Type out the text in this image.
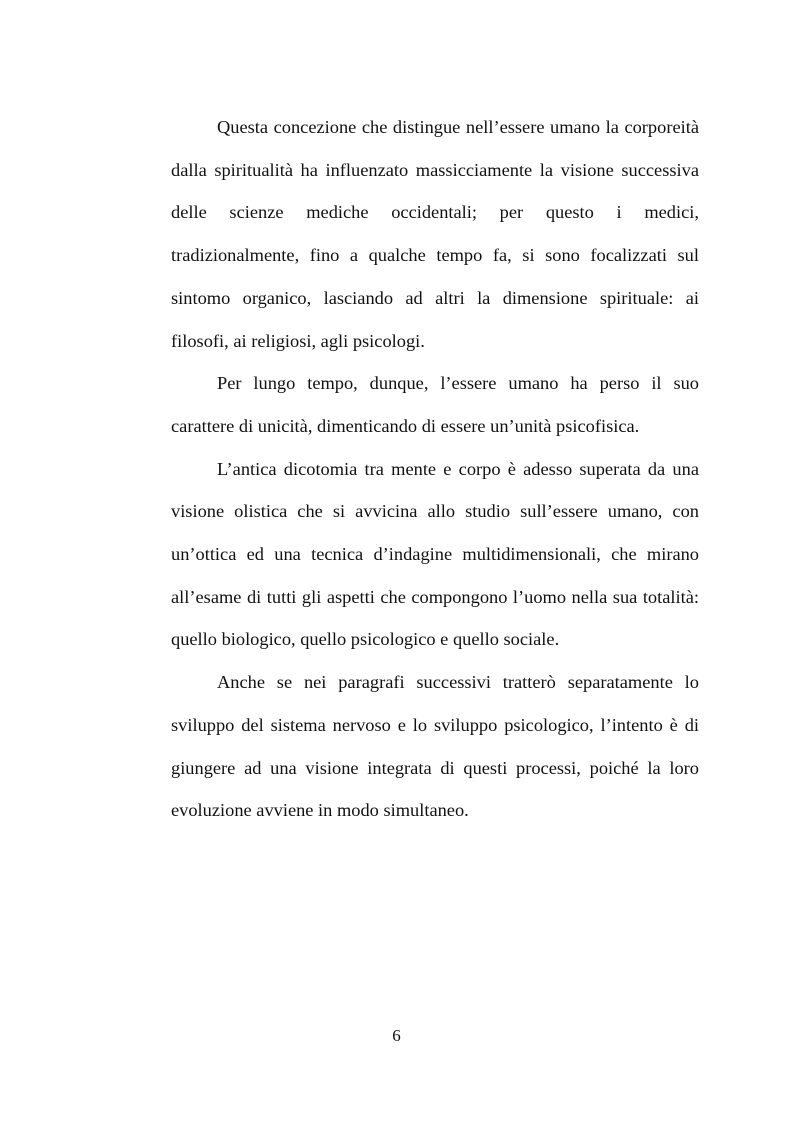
Questa concezione che distingue nell’essere umano la corporeità dalla spiritualità ha influenzato massicciamente la visione successiva delle scienze mediche occidentali; per questo i medici, tradizionalmente, fino a qualche tempo fa, si sono focalizzati sul sintomo organico, lasciando ad altri la dimensione spirituale: ai filosofi, ai religiosi, agli psicologi.

Per lungo tempo, dunque, l’essere umano ha perso il suo carattere di unicità, dimenticando di essere un’unità psicofisica.

L’antica dicotomia tra mente e corpo è adesso superata da una visione olistica che si avvicina allo studio sull’essere umano, con un’ottica ed una tecnica d’indagine multidimensionali, che mirano all’esame di tutti gli aspetti che compongono l’uomo nella sua totalità: quello biologico, quello psicologico e quello sociale.

Anche se nei paragrafi successivi tratterò separatamente lo sviluppo del sistema nervoso e lo sviluppo psicologico, l’intento è di giungere ad una visione integrata di questi processi, poiché la loro evoluzione avviene in modo simultaneo.

6
